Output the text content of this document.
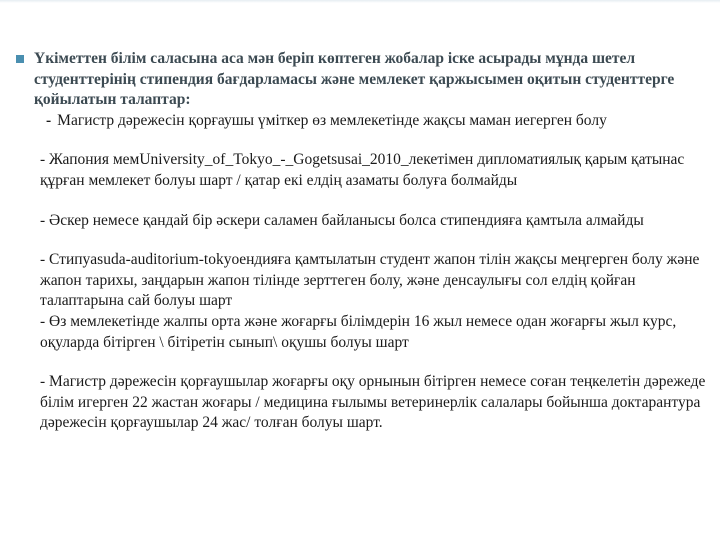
Үкіметтен білім саласына аса мән беріп көптеген жобалар іске асырады мұнда шетел студенттерінің стипендия бағдарламасы және мемлекет қаржысымен оқитын студенттерге қойылатын талаптар:
- Магистр дәрежесін қорғаушы үміткер өз мемлекетінде жақсы маман иегерген болу
- Жапония мемUniversity_of_Tokyo_-_Gogetsusai_2010_лекетімен дипломатиялық қарым қатынас құрған мемлекет болуы шарт / қатар екі елдің азаматы болуға болмайды
- Әскер немесе қандай бір әскери саламен байланысы болса стипендияға қамтыла алмайды
- Стипуasuda-auditorium-tokyoендияға қамтылатын студент жапон тілін жақсы меңгерген болу және жапон тарихы, заңдарын жапон тілінде зерттеген болу, және денсаулығы сол елдің қойған талаптарына сай болуы шарт
- Өз мемлекетінде жалпы орта және жоғарғы білімдерін 16 жыл немесе одан жоғарғы жыл курс, оқуларда бітірген \ бітіретін сынып\ оқушы болуы шарт
- Магистр дәрежесін қорғаушылар жоғарғы оқу орнынын бітірген немесе соған теңкелетін дәрежеде білім игерген 22 жастан жоғары / медицина ғылымы ветеринерлік салалары бойынша доктарантура дәрежесін қорғаушылар 24 жас/ толған болуы шарт.
